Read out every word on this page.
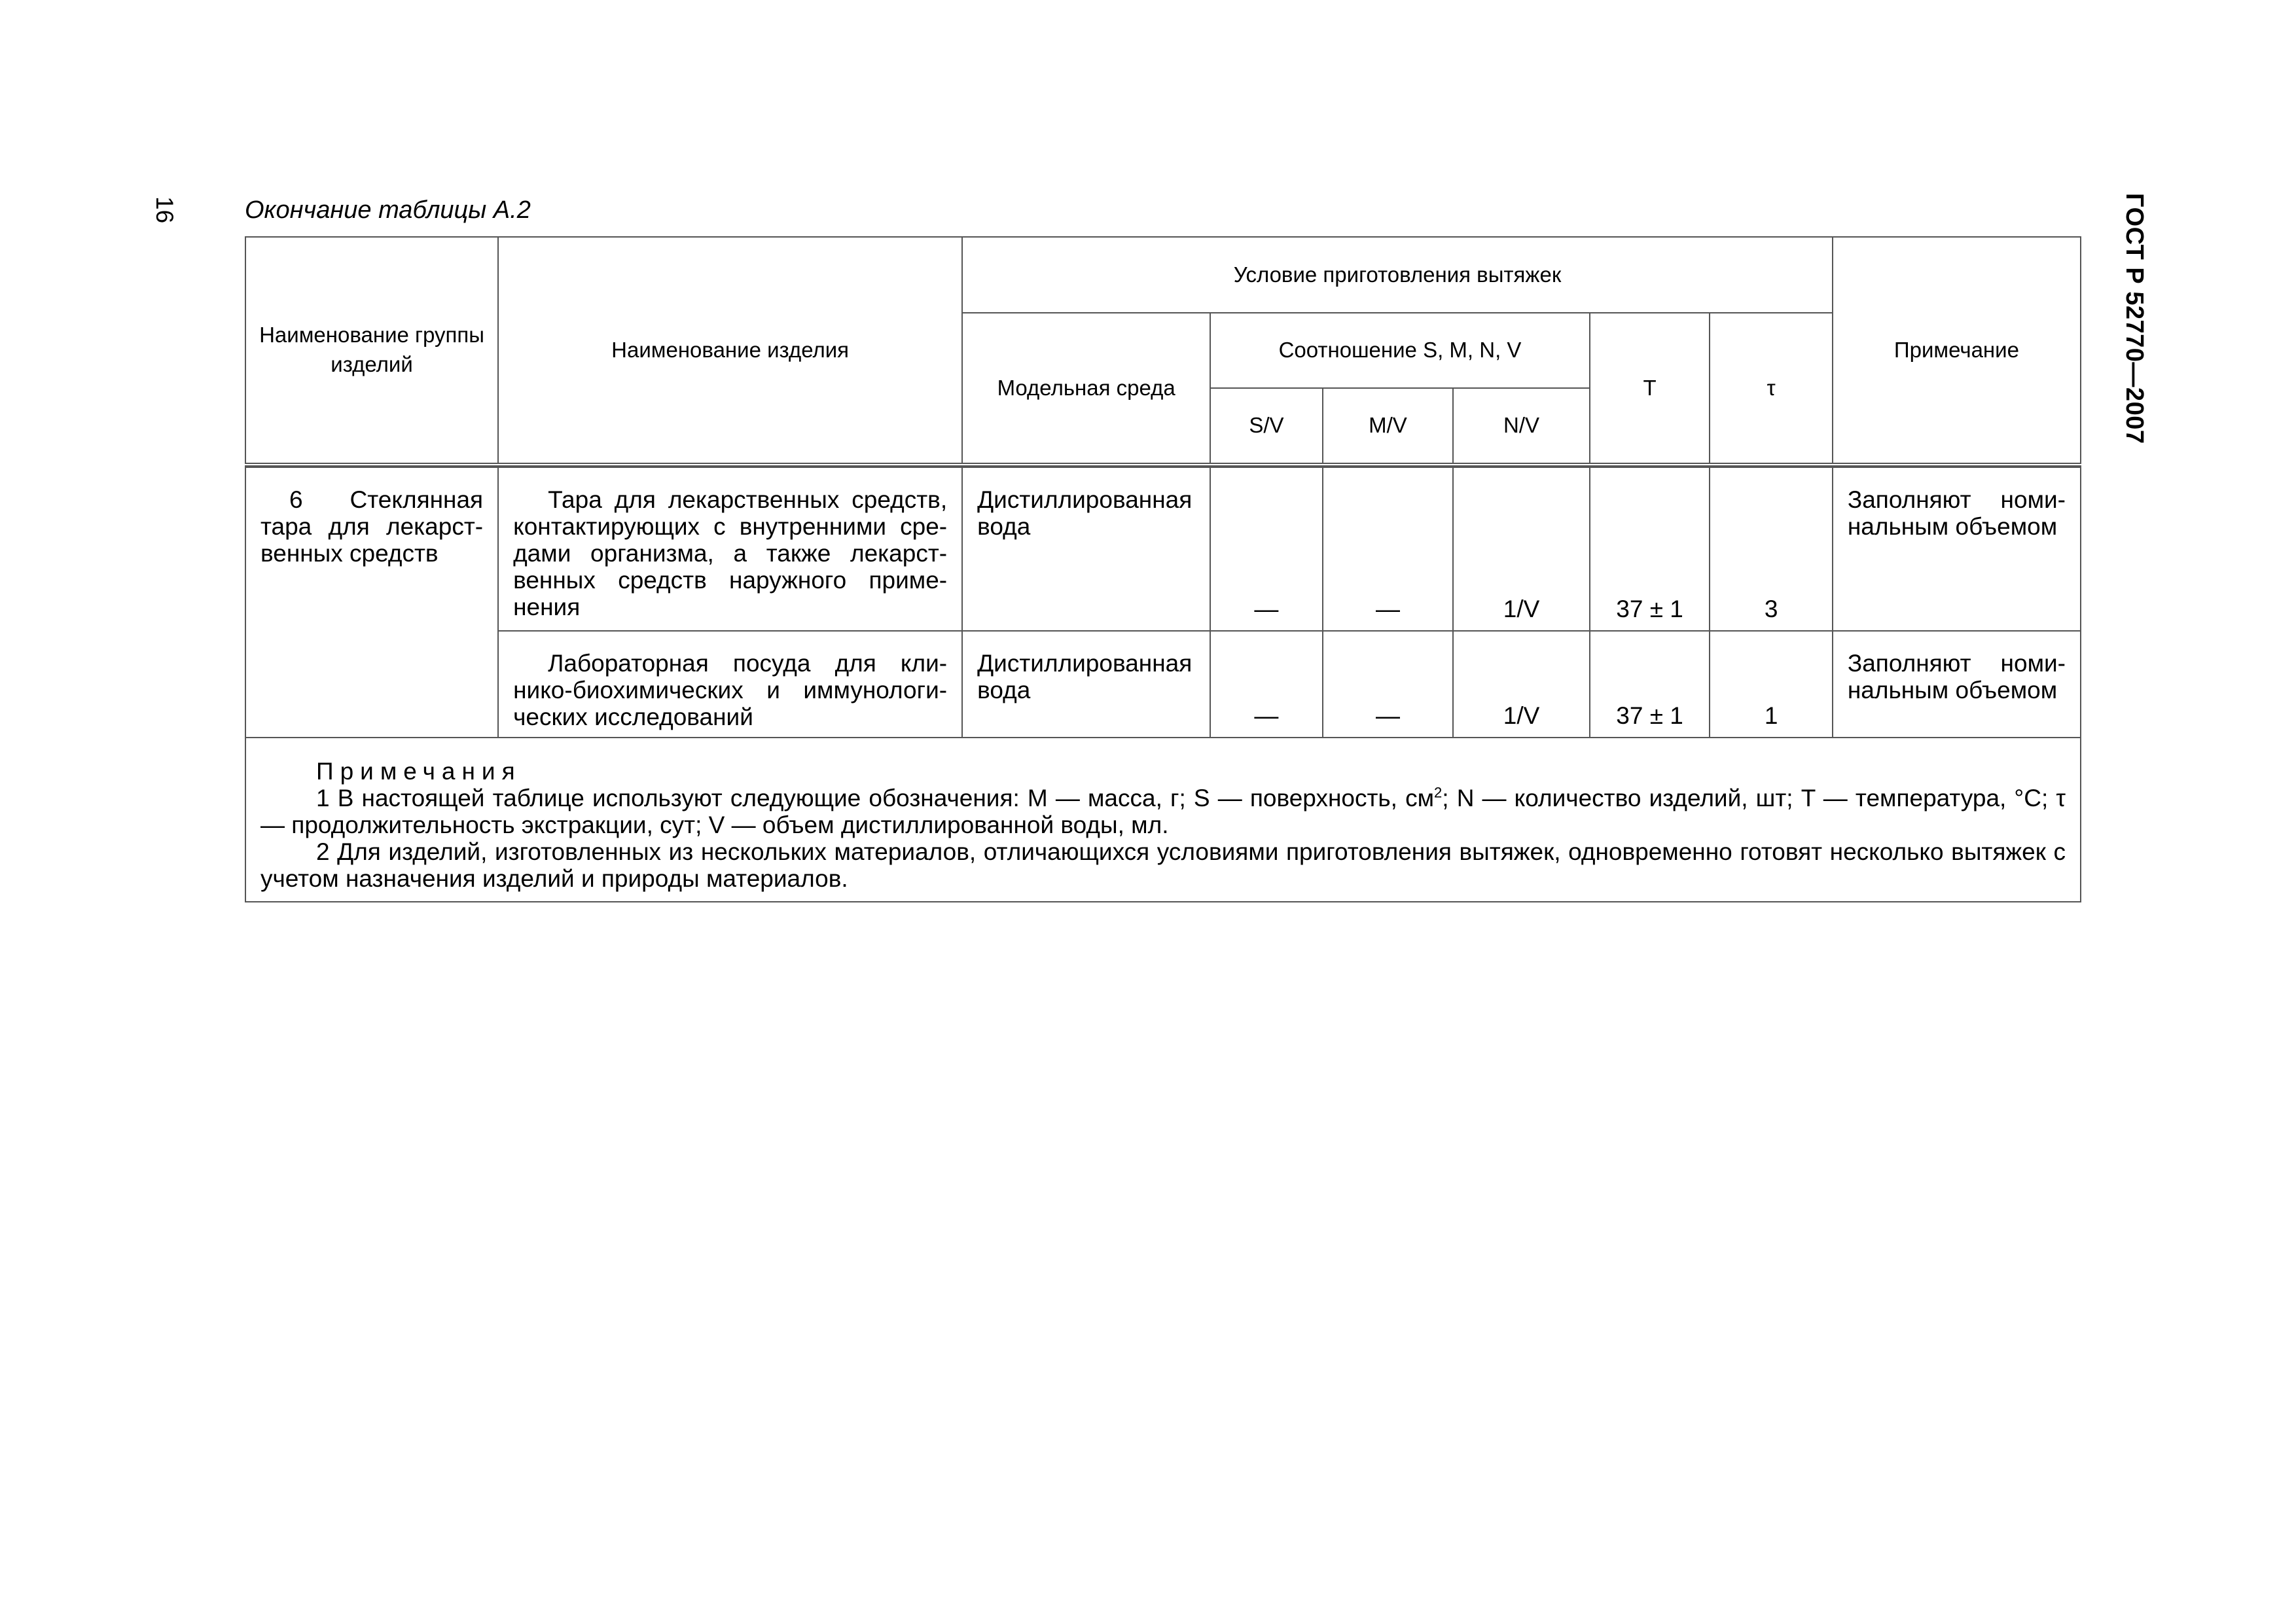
16	ГОСТ Р 52770—2007
Окончание таблицы А.2
Наименование группы изделий	Наименование изделия	Условие приготовления вытяжек						Примечание
		Модельная среда	Соотношение S, M, N, V			T	τ	
			S/V	M/V	N/V			

6 Стеклянная тара для лекарст-венных средств	Тара для лекарственных средств, контактирующих с внутренними сре-дами организма, а также лекарст-венных средств наружного приме-нения	Дистиллированная вода	—	—	1/V	37 ± 1	3	Заполняют номи-нальным объемом
	Лабораторная посуда для кли-нико-биохимических и иммунологи-ческих исследований	Дистиллированная вода	—	—	1/V	37 ± 1	1	Заполняют номи-нальным объемом

Примечания

1 В настоящей таблице используют следующие обозначения: M — масса, г; S — поверхность, $см^2$; N — количество изделий, шт; T — температура, °С; τ — продолжительность экстракции, сут; V — объем дистиллированной воды, мл.

2 Для изделий, изготовленных из нескольких материалов, отличающихся условиями приготовления вытяжек, одновременно готовят несколько вытяжек с учетом назначения изделий и природы материалов.								
